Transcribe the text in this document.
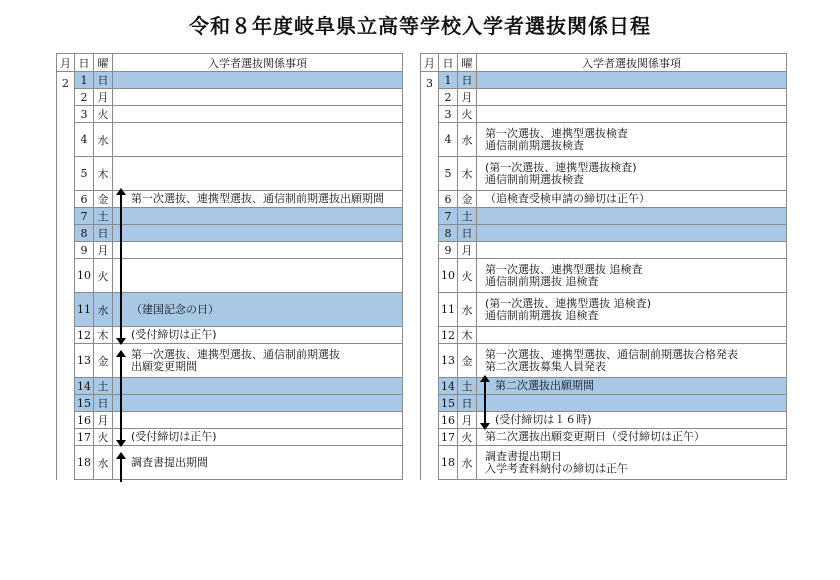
令和８年度岐阜県立高等学校入学者選抜関係日程
月	日	曜	入学者選抜関係事項
2	1	日	

	2	月	

	3	火	

	4	水	

	5	木	

	6	金	第一次選抜、連携型選抜、通信制前期選抜出願期間

	7	土	

	8	日	

	9	月	

	10	火	

	11	水	（建国記念の日）

	12	木	(受付締切は正午)

	13	金	第一次選抜、連携型選抜、通信制前期選抜
出願変更期間

	14	土	

	15	日	

	16	月	

	17	火	(受付締切は正午)

	18	水	調査書提出期間
月	日	曜	入学者選抜関係事項
3	1	日	

	2	月	

	3	火	

	4	水	第一次選抜、連携型選抜検査
通信制前期選抜検査

	5	木	(第一次選抜、連携型選抜検査)
通信制前期選抜検査

	6	金	（追検査受検申請の締切は正午）

	7	土	

	8	日	

	9	月	

	10	火	第一次選抜、連携型選抜 追検査
通信制前期選抜 追検査

	11	水	(第一次選抜、連携型選抜 追検査)
通信制前期選抜 追検査

	12	木	

	13	金	第一次選抜、連携型選抜、通信制前期選抜合格発表
第二次選抜募集人員発表

	14	土	第二次選抜出願期間

	15	日	

	16	月	(受付締切は１６時)

	17	火	第二次選抜出願変更期日（受付締切は正午）

	18	水	調査書提出期日
入学考査料納付の締切は正午
